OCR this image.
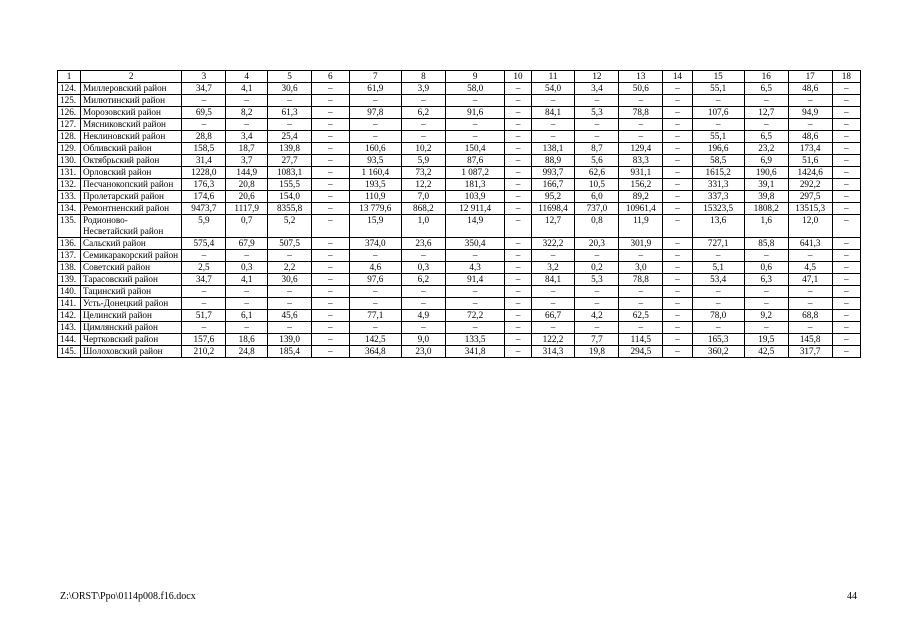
1	2	3	4	5	6	7	8	9	10	11	12	13	14	15	16	17	18
124.	Миллеровский район	34,7	4,1	30,6	–	61,9	3,9	58,0	–	54,0	3,4	50,6	–	55,1	6,5	48,6	–
125.	Милютинский район	–	–	–	–	–	–	–	–	–	–	–	–	–	–	–	–
126.	Морозовский район	69,5	8,2	61,3	–	97,8	6,2	91,6	–	84,1	5,3	78,8	–	107,6	12,7	94,9	–
127.	Мясниковский район	–	–	–	–	–	–	–	–	–	–	–	–	–	–	–	–
128.	Неклиновский район	28,8	3,4	25,4	–	–	–	–	–	–	–	–	–	55,1	6,5	48,6	–
129.	Обливский район	158,5	18,7	139,8	–	160,6	10,2	150,4	–	138,1	8,7	129,4	–	196,6	23,2	173,4	–
130.	Октябрьский район	31,4	3,7	27,7	–	93,5	5,9	87,6	–	88,9	5,6	83,3	–	58,5	6,9	51,6	–
131.	Орловский район	1228,0	144,9	1083,1	–	1 160,4	73,2	1 087,2	–	993,7	62,6	931,1	–	1615,2	190,6	1424,6	–
132.	Песчанокопский район	176,3	20,8	155,5	–	193,5	12,2	181,3	–	166,7	10,5	156,2	–	331,3	39,1	292,2	–
133.	Пролетарский район	174,6	20,6	154,0	–	110,9	7,0	103,9	–	95,2	6,0	89,2	–	337,3	39,8	297,5	–
134.	Ремонтненский район	9473,7	1117,9	8355,8	–	13 779,6	868,2	12 911,4	–	11698,4	737,0	10961,4	–	15323,5	1808,2	13515,3	–
135.	Родионово-Несветайский район	5,9	0,7	5,2	–	15,9	1,0	14,9	–	12,7	0,8	11,9	–	13,6	1,6	12,0	–
136.	Сальский район	575,4	67,9	507,5	–	374,0	23,6	350,4	–	322,2	20,3	301,9	–	727,1	85,8	641,3	–
137.	Семикаракорский район	–	–	–	–	–	–	–	–	–	–	–	–	–	–	–	–
138.	Советский район	2,5	0,3	2,2	–	4,6	0,3	4,3	–	3,2	0,2	3,0	–	5,1	0,6	4,5	–
139.	Тарасовский район	34,7	4,1	30,6	–	97,6	6,2	91,4	–	84,1	5,3	78,8	–	53,4	6,3	47,1	–
140.	Тацинский район	–	–	–	–	–	–	–	–	–	–	–	–	–	–	–	–
141.	Усть-Донецкий район	–	–	–	–	–	–	–	–	–	–	–	–	–	–	–	–
142.	Целинский район	51,7	6,1	45,6	–	77,1	4,9	72,2	–	66,7	4,2	62,5	–	78,0	9,2	68,8	–
143.	Цимлянский район	–	–	–	–	–	–	–	–	–	–	–	–	–	–	–	–
144.	Чертковский район	157,6	18,6	139,0	–	142,5	9,0	133,5	–	122,2	7,7	114,5	–	165,3	19,5	145,8	–
145.	Шолоховский район	210,2	24,8	185,4	–	364,8	23,0	341,8	–	314,3	19,8	294,5	–	360,2	42,5	317,7	–
Z:\ORST\Ppo\0114p008.f16.docx	44
